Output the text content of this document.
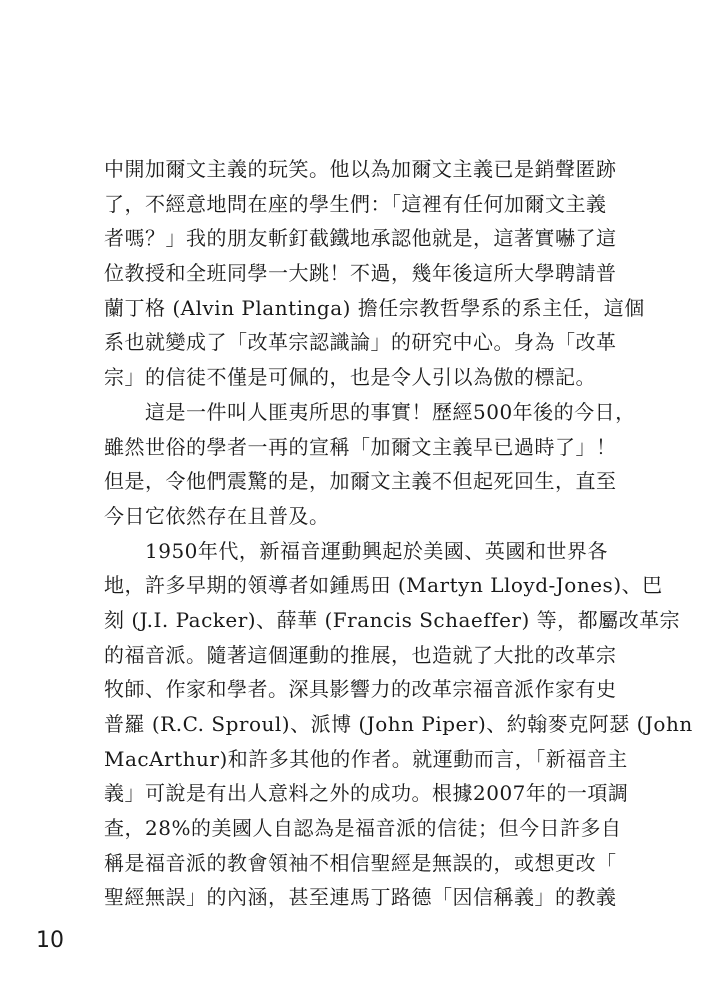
中開加爾文主義的玩笑。他以為加爾文主義已是銷聲匿跡
了，不經意地問在座的學生們：「這裡有任何加爾文主義
者嗎？」我的朋友斬釘截鐵地承認他就是，這著實嚇了這
位教授和全班同學一大跳！不過，幾年後這所大學聘請普
蘭丁格 (Alvin Plantinga) 擔任宗教哲學系的系主任，這個
系也就變成了「改革宗認識論」的研究中心。身為「改革
宗」的信徒不僅是可佩的，也是令人引以為傲的標記。
　　這是一件叫人匪夷所思的事實！歷經500年後的今日，
雖然世俗的學者一再的宣稱「加爾文主義早已過時了」！
但是，令他們震驚的是，加爾文主義不但起死回生，直至
今日它依然存在且普及。
　　1950年代，新福音運動興起於美國、英國和世界各
地，許多早期的領導者如鍾馬田 (Martyn Lloyd-Jones)、巴
刻 (J.I. Packer)、薛華 (Francis Schaeffer) 等，都屬改革宗
的福音派。隨著這個運動的推展，也造就了大批的改革宗
牧師、作家和學者。深具影響力的改革宗福音派作家有史
普羅 (R.C. Sproul)、派博 (John Piper)、約翰麥克阿瑟 (John
MacArthur)和許多其他的作者。就運動而言，「新福音主
義」可說是有出人意料之外的成功。根據2007年的一項調
查，28%的美國人自認為是福音派的信徒；但今日許多自
稱是福音派的教會領袖不相信聖經是無誤的，或想更改「
聖經無誤」的內涵，甚至連馬丁路德「因信稱義」的教義
10
